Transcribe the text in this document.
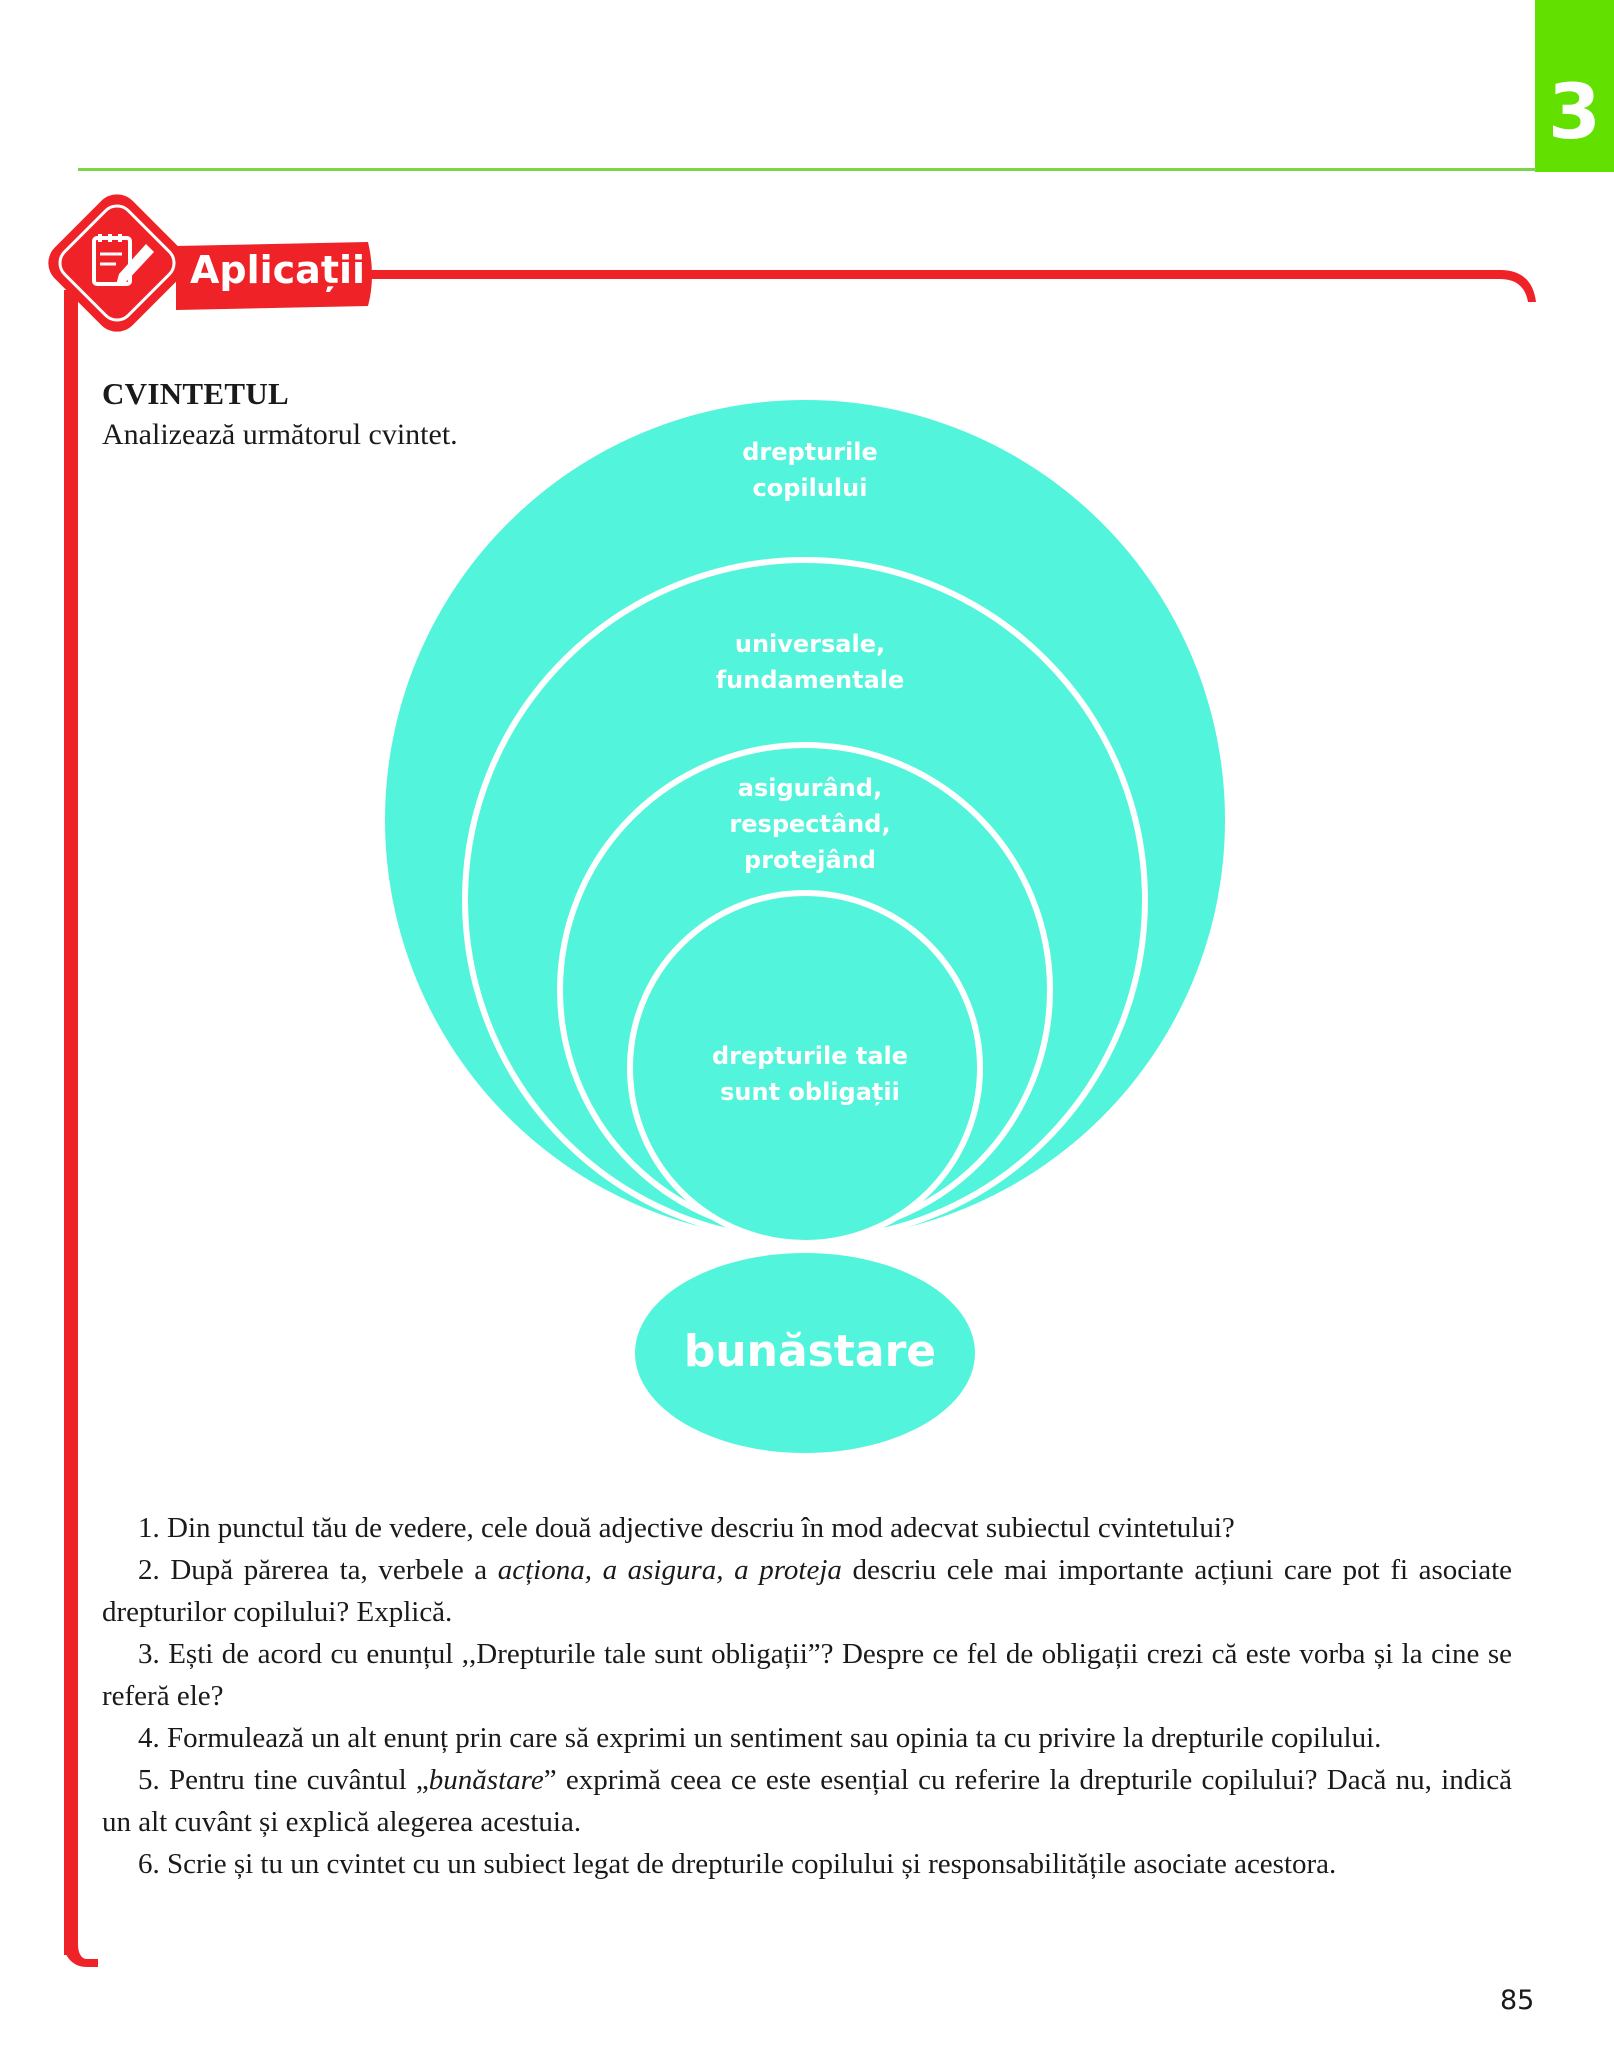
3
Aplicații
CVINTETUL
Analizează următorul cvintet.
drepturile
copilului
universale,
fundamentale
asigurând,
respectând,
protejând
drepturile tale
sunt obligații
bunăstare

1. Din punctul tău de vedere, cele două adjective descriu în mod adecvat subiectul cvintetului?

2. După părerea ta, verbele a acționa, a asigura, a proteja descriu cele mai importante acțiuni care pot fi asociate drepturilor copilului? Explică.

3. Ești de acord cu enunțul ,,Drepturile tale sunt obligații”? Despre ce fel de obligații crezi că este vorba și la cine se referă ele?

4. Formulează un alt enunț prin care să exprimi un sentiment sau opinia ta cu privire la drepturile copilului.

5. Pentru tine cuvântul „bunăstare” exprimă ceea ce este esențial cu referire la drepturile copilului? Dacă nu, indică un alt cuvânt și explică alegerea acestuia.

6. Scrie și tu un cvintet cu un subiect legat de drepturile copilului și responsabilitățile asociate acestora.

85
